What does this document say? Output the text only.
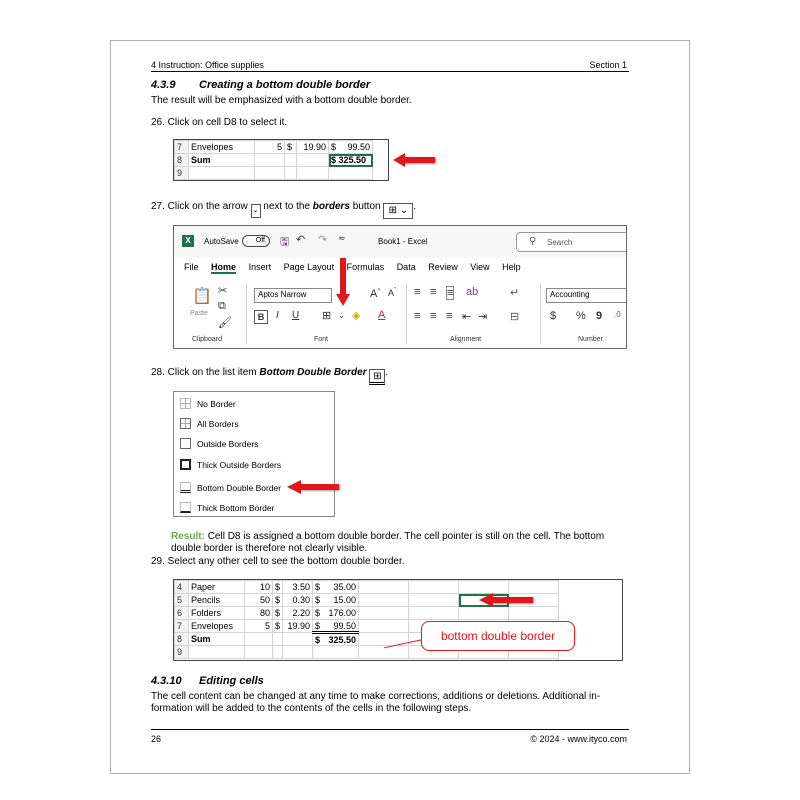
4 Instruction: Office supplies	Section 1
4.3.9 Creating a bottom double border
The result will be emphasized with a bottom double border.
26. Click on cell D8 to select it.
7	Envelopes	5	$	19.90	$ 99.50

8	Sum				$ 325.50
9					
27. Click on the arrow ⌄ next to the borders button ⊞ ⌄ .
X	AutoSave	Off	🖫 ↶ ↷ ≂	Book1 - Excel	⚲ Search
File Home Insert Page Layout Formulas Data Review View Help
📋
Paste
✂
⧉
🖌
Clipboard
Aptos Narrow	A^ $A^ˇ$
B	I U ⊞ ⌄ ◈ A
Font
≡ ≡ ≡ ab
≡ ≡ ≡ ⇤ ⇥
↵
⊟
Alignment
Accounting
$ % 9 .0
Number
28. Click on the list item Bottom Double Border ⊞ .
No Border
All Borders
Outside Borders
Thick Outside Borders
Bottom Double Border
Thick Bottom Border
Result: Cell D8 is assigned a bottom double border. The cell pointer is still on the cell. The bottom
double border is therefore not clearly visible.
29. Select any other cell to see the bottom double border.
4	Paper	10	$	3.50	$ 35.00				

5	Pencils	50	$	0.30	$ 15.00				

6	Folders	80	$	2.20	$ 176.00				

7	Envelopes	5	$	19.90	$ 99.50				

8	Sum				$ 325.50				

9									
bottom double border
4.3.10 Editing cells
The cell content can be changed at any time to make corrections, additions or deletions. Additional in-
formation will be added to the contents of the cells in the following steps.
26	© 2024 - www.ityco.com
